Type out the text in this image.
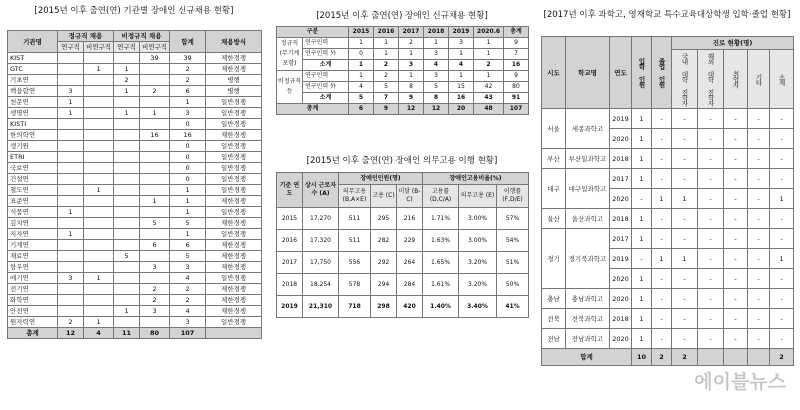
[2015년 이후 출연(연) 기관별 장애인 신규채용 현황]
기관명	정규직 채용		비정규직 채용		합계	채용방식
	연구직	비연구직	연구직	비연구직		
KIST				39	39	제한경쟁
GTC		1	1		2	제한경쟁
기초연			2		2	병행
핵융합연	3		1	2	6	병행
천문연	1				1	일반경쟁
생명연	1		1	1	3	일반경쟁
KISTI					0	일반경쟁
한의학연				16	16	제한경쟁
생기원					0	일반경쟁
ETRI					0	일반경쟁
국보연					0	일반경쟁
건설연					0	일반경쟁
철도연		1			1	일반경쟁
표준연				1	1	제한경쟁
식품연	1				1	일반경쟁
김치연				5	5	제한경쟁
지자연	1				1	일반경쟁
기계연				6	6	제한경쟁
재료연			5		5	제한경쟁
항우연				3	3	제한경쟁
에기연	3	1			4	일반경쟁
전기연				2	2	제한경쟁
화학연				2	2	제한경쟁
안전연			1	3	4	제한경쟁
원자력연	2	1			3	일반경쟁
총계	12	4	11	80	107	
[2015년 이후 출연(연) 장애인 신규채용 현황]
구분		2015	2016	2017	2018	2019	2020.6	총계
정규직 (무기계 포함)	연구인력	1	1	2	1	3	1	9
	연구인력 外	0	1	1	3	1	1	7
	소계	1	2	3	4	4	2	16
비정규직 등	연구인력	1	2	1	3	1	1	9
	연구인력 外	4	5	8	5	15	42	80
	소계	5	7	9	8	16	43	91
총계		6	9	12	12	20	48	107
[2015년 이후 출연(연) 장애인 의무고용 이행 현황]
기준 연도	상시 근로자수 (A)	장애인인원(명)			장애인고용비율(%)		
		의무고용 (B,A×E)	고용 (C)	미달 (B-C)	고용률 (D,C/A)	의무고용 (E)	이행률 (F,D/E)
2015	17,270	511	295	216	1.71%	3.00%	57%
2016	17,320	511	282	229	1.63%	3.00%	54%
2017	17,750	556	292	264	1.65%	3.20%	51%
2018	18,254	578	294	284	1.61%	3.20%	50%
2019	21,310	718	298	420	1.40%	3.40%	41%
[2017년 이후 과학고, 영재학교 특수교육대상학생 입학·졸업 현황]
시도	학교명	연도	입학 인원	졸업 인원	진로 현황(명)				
					국내 대학 진학자	해외 대학 진학자	취업자	기타	소계
서울	세종과학고	2019	1	-	-	-	-	-	-
		2020	1	-	-	-	-	-	-
부산	부산일과학고	2018	1	-	-	-	-	-	-
대구	대구일과학고	2017	1	-	-	-	-	-	-
		2020	-	1	1	-	-	-	1
울산	울산과학고	2018	1	-	-	-	-	-	-
경기	경기북과학고	2017	1	-	-	-	-	-	-
		2019	-	1	1	-	-	-	1
		2020	1	-	-	-	-	-	-
충남	충남과학고	2020	1	-	-	-	-	-	-
전북	전북과학고	2018	1	-	-	-	-	-	-
전남	전남과학고	2020	1	-	-	-	-	-	-
합계			10	2	2				2
에이블뉴스
